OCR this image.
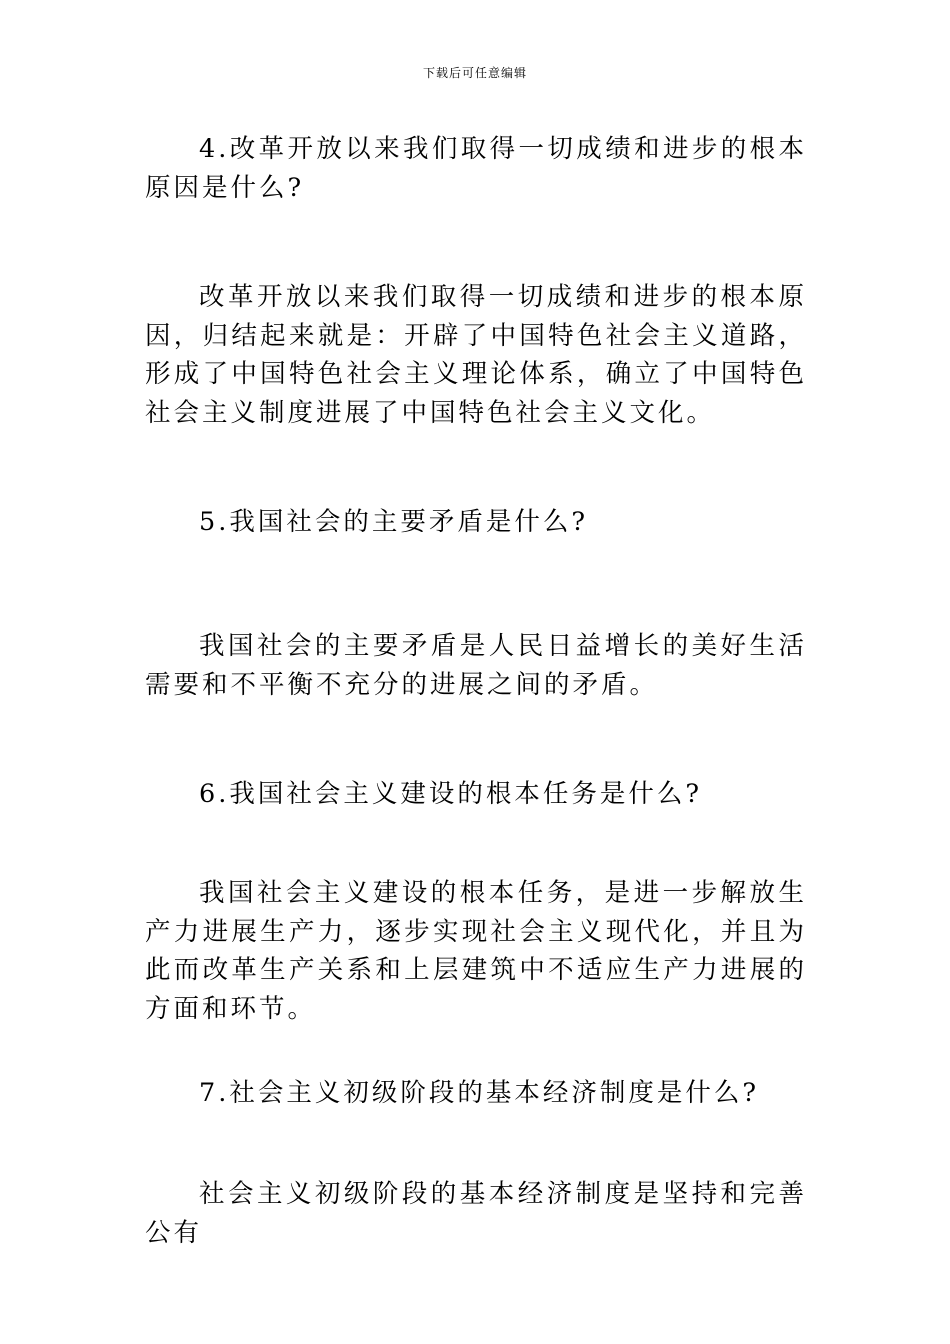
下载后可任意编辑

4.改革开放以来我们取得一切成绩和进步的根本原因是什么?

改革开放以来我们取得一切成绩和进步的根本原因，归结起来就是：开辟了中国特色社会主义道路，形成了中国特色社会主义理论体系，确立了中国特色社会主义制度进展了中国特色社会主义文化。

5.我国社会的主要矛盾是什么?

我国社会的主要矛盾是人民日益增长的美好生活需要和不平衡不充分的进展之间的矛盾。

6.我国社会主义建设的根本任务是什么?

我国社会主义建设的根本任务，是进一步解放生产力进展生产力，逐步实现社会主义现代化，并且为此而改革生产关系和上层建筑中不适应生产力进展的方面和环节。

7.社会主义初级阶段的基本经济制度是什么?

社会主义初级阶段的基本经济制度是坚持和完善公有
